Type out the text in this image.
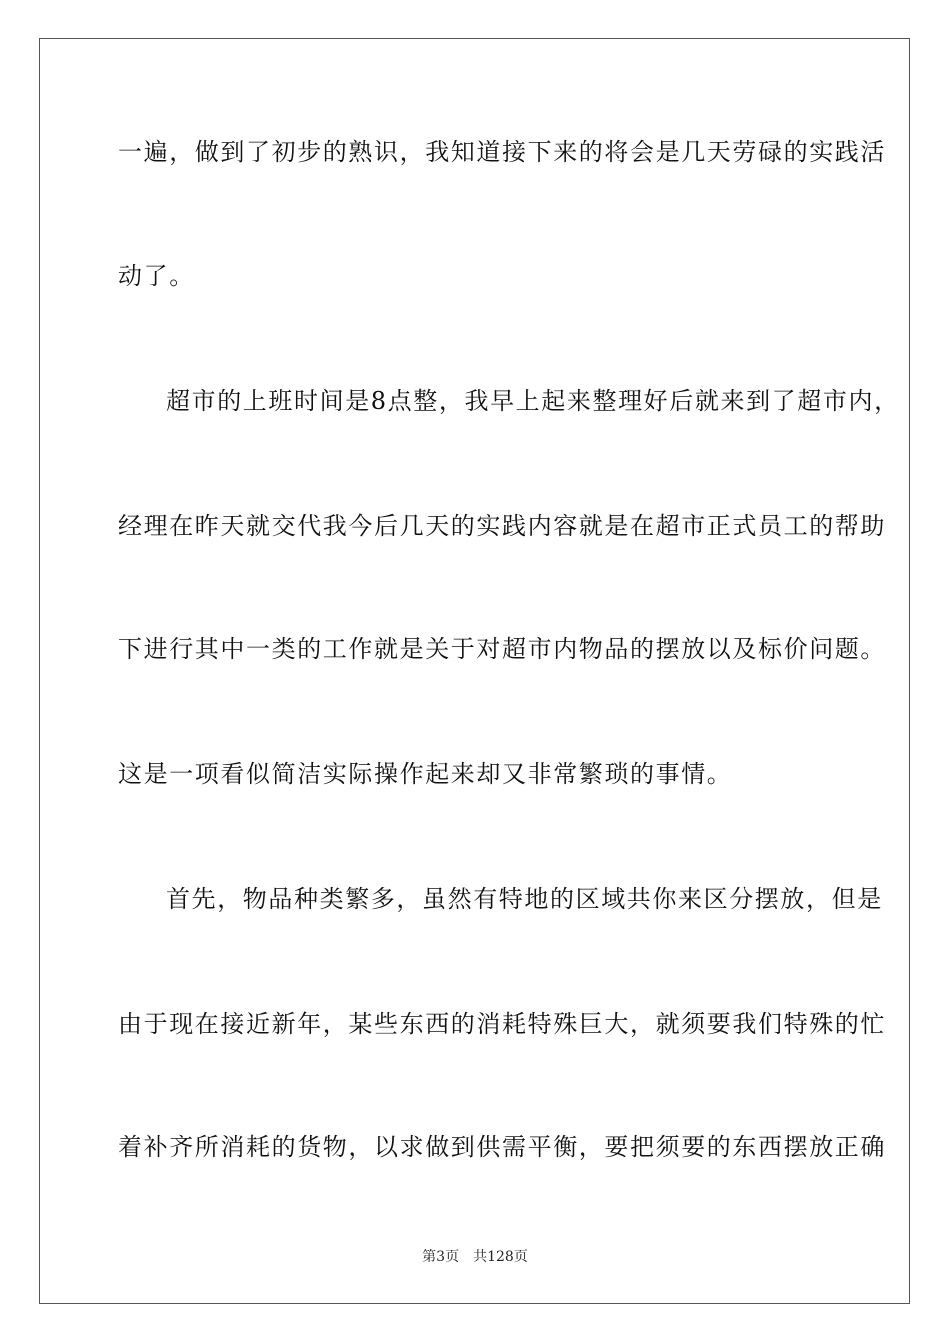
一遍，做到了初步的熟识，我知道接下来的将会是几天劳碌的实践活
动了。
超市的上班时间是8点整，我早上起来整理好后就来到了超市内，
经理在昨天就交代我今后几天的实践内容就是在超市正式员工的帮助
下进行其中一类的工作就是关于对超市内物品的摆放以及标价问题。
这是一项看似简洁实际操作起来却又非常繁琐的事情。
首先，物品种类繁多，虽然有特地的区域共你来区分摆放，但是
由于现在接近新年，某些东西的消耗特殊巨大，就须要我们特殊的忙
着补齐所消耗的货物，以求做到供需平衡，要把须要的东西摆放正确
第3页 共128页
